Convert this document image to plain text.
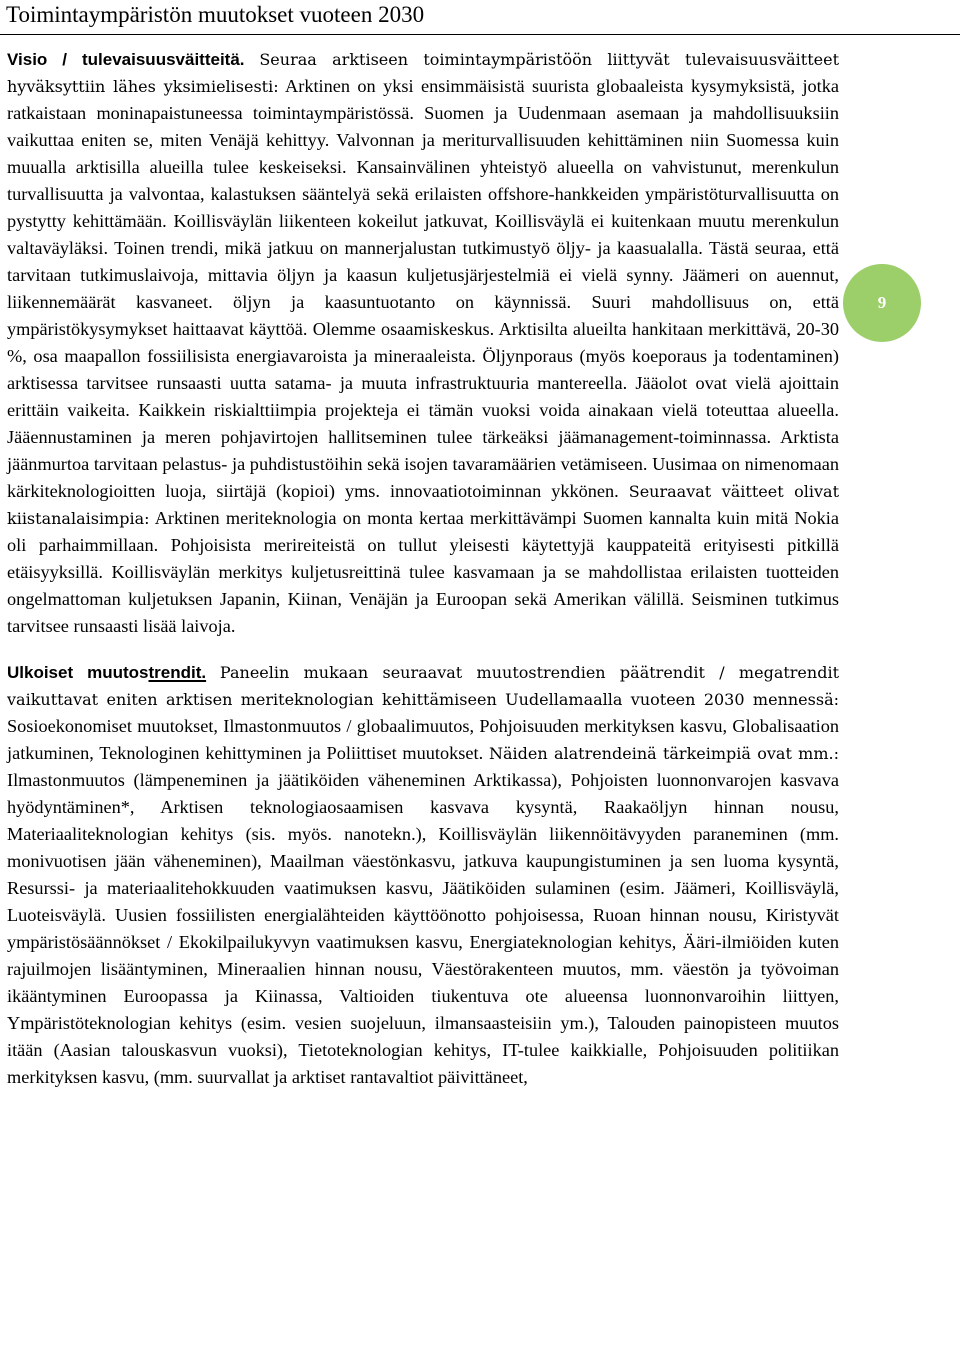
Toimintaympäristön muutokset vuoteen 2030

Visio / tulevaisuusväitteitä. Seuraa arktiseen toimintaympäristöön liittyvät tulevaisuusväitteet hyväksyttiin lähes yksimielisesti: Arktinen on yksi ensimmäisistä suurista globaaleista kysymyksistä, jotka ratkaistaan moninapaistuneessa toimintaympäristössä. Suomen ja Uudenmaan asemaan ja mahdollisuuksiin vaikuttaa eniten se, miten Venäjä kehittyy. Valvonnan ja meriturvallisuuden kehittäminen niin Suomessa kuin muualla arktisilla alueilla tulee keskeiseksi. Kansainvälinen yhteistyö alueella on vahvistunut, merenkulun turvallisuutta ja valvontaa, kalastuksen sääntelyä sekä erilaisten offshore-hankkeiden ympäristöturvallisuutta on pystytty kehittämään. Koillisväylän liikenteen kokeilut jatkuvat, Koillisväylä ei kuitenkaan muutu merenkulun valtaväyläksi. Toinen trendi, mikä jatkuu on mannerjalustan tutkimustyö öljy- ja kaasualalla. Tästä seuraa, että tarvitaan tutkimuslaivoja, mittavia öljyn ja kaasun kuljetusjärjestelmiä ei vielä synny. Jäämeri on auennut, liikennemäärät kasvaneet. öljyn ja kaasuntuotanto on käynnissä. Suuri mahdollisuus on, että ympäristökysymykset haittaavat käyttöä. Olemme osaamiskeskus. Arktisilta alueilta hankitaan merkittävä, 20-30 %, osa maapallon fossiilisista energiavaroista ja mineraaleista. Öljynporaus (myös koeporaus ja todentaminen) arktisessa tarvitsee runsaasti uutta satama- ja muuta infrastruktuuria mantereella. Jääolot ovat vielä ajoittain erittäin vaikeita. Kaikkein riskialttiimpia projekteja ei tämän vuoksi voida ainakaan vielä toteuttaa alueella. Jääennustaminen ja meren pohjavirtojen hallitseminen tulee tärkeäksi jäämanagement-toiminnassa. Arktista jäänmurtoa tarvitaan pelastus- ja puhdistustöihin sekä isojen tavaramäärien vetämiseen. Uusimaa on nimenomaan kärkiteknologioitten luoja, siirtäjä (kopioi) yms. innovaatiotoiminnan ykkönen. Seuraavat väitteet olivat kiistanalaisimpia: Arktinen meriteknologia on monta kertaa merkittävämpi Suomen kannalta kuin mitä Nokia oli parhaimmillaan. Pohjoisista merireiteistä on tullut yleisesti käytettyjä kauppateitä erityisesti pitkillä etäisyyksillä. Koillisväylän merkitys kuljetusreittinä tulee kasvamaan ja se mahdollistaa erilaisten tuotteiden ongelmattoman kuljetuksen Japanin, Kiinan, Venäjän ja Euroopan sekä Amerikan välillä. Seisminen tutkimus tarvitsee runsaasti lisää laivoja.

Ulkoiset muutostrendit. Paneelin mukaan seuraavat muutostrendien päätrendit / megatrendit vaikuttavat eniten arktisen meriteknologian kehittämiseen Uudellamaalla vuoteen 2030 mennessä: Sosioekonomiset muutokset, Ilmastonmuutos / globaalimuutos, Pohjoisuuden merkityksen kasvu, Globalisaation jatkuminen, Teknologinen kehittyminen ja Poliittiset muutokset. Näiden alatrendeinä tärkeimpiä ovat mm.: Ilmastonmuutos (lämpeneminen ja jäätiköiden väheneminen Arktikassa), Pohjoisten luonnonvarojen kasvava hyödyntäminen*, Arktisen teknologiaosaamisen kasvava kysyntä, Raakaöljyn hinnan nousu, Materiaaliteknologian kehitys (sis. myös. nanotekn.), Koillisväylän liikennöitävyyden paraneminen (mm. monivuotisen jään väheneminen), Maailman väestönkasvu, jatkuva kaupungistuminen ja sen luoma kysyntä, Resurssi- ja materiaalitehokkuuden vaatimuksen kasvu, Jäätiköiden sulaminen (esim. Jäämeri, Koillisväylä, Luoteisväylä. Uusien fossiilisten energialähteiden käyttöönotto pohjoisessa, Ruoan hinnan nousu, Kiristyvät ympäristösäännökset / Ekokilpailukyvyn vaatimuksen kasvu, Energiateknologian kehitys, Ääri-ilmiöiden kuten rajuilmojen lisääntyminen, Mineraalien hinnan nousu, Väestörakenteen muutos, mm. väestön ja työvoiman ikääntyminen Euroopassa ja Kiinassa, Valtioiden tiukentuva ote alueensa luonnonvaroihin liittyen, Ympäristöteknologian kehitys (esim. vesien suojeluun, ilmansaasteisiin ym.), Talouden painopisteen muutos itään (Aasian talouskasvun vuoksi), Tietoteknologian kehitys, IT-tulee kaikkialle, Pohjoisuuden politiikan merkityksen kasvu, (mm. suurvallat ja arktiset rantavaltiot päivittäneet,

9
